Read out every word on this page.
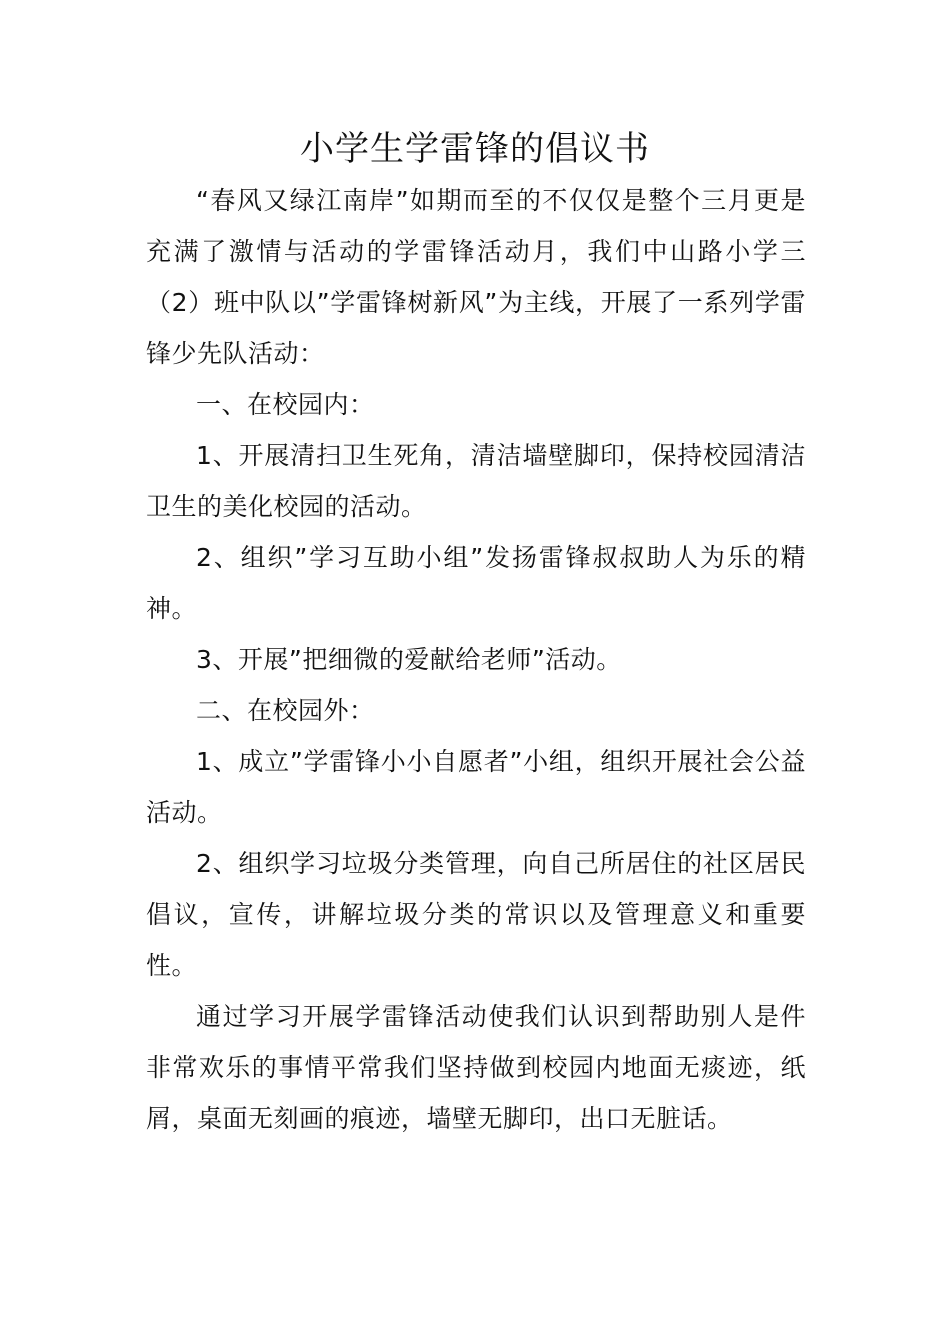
小学生学雷锋的倡议书

“春风又绿江南岸”如期而至的不仅仅是整个三月更是充满了激情与活动的学雷锋活动月，我们中山路小学三（2）班中队以”学雷锋树新风”为主线，开展了一系列学雷锋少先队活动：

一、在校园内：

1、开展清扫卫生死角，清洁墙壁脚印，保持校园清洁卫生的美化校园的活动。

2、组织”学习互助小组”发扬雷锋叔叔助人为乐的精神。

3、开展”把细微的爱献给老师”活动。

二、在校园外：

1、成立”学雷锋小小自愿者”小组，组织开展社会公益活动。

2、组织学习垃圾分类管理，向自己所居住的社区居民倡议，宣传，讲解垃圾分类的常识以及管理意义和重要性。

通过学习开展学雷锋活动使我们认识到帮助别人是件非常欢乐的事情平常我们坚持做到校园内地面无痰迹，纸屑，桌面无刻画的痕迹，墙壁无脚印，出口无脏话。
